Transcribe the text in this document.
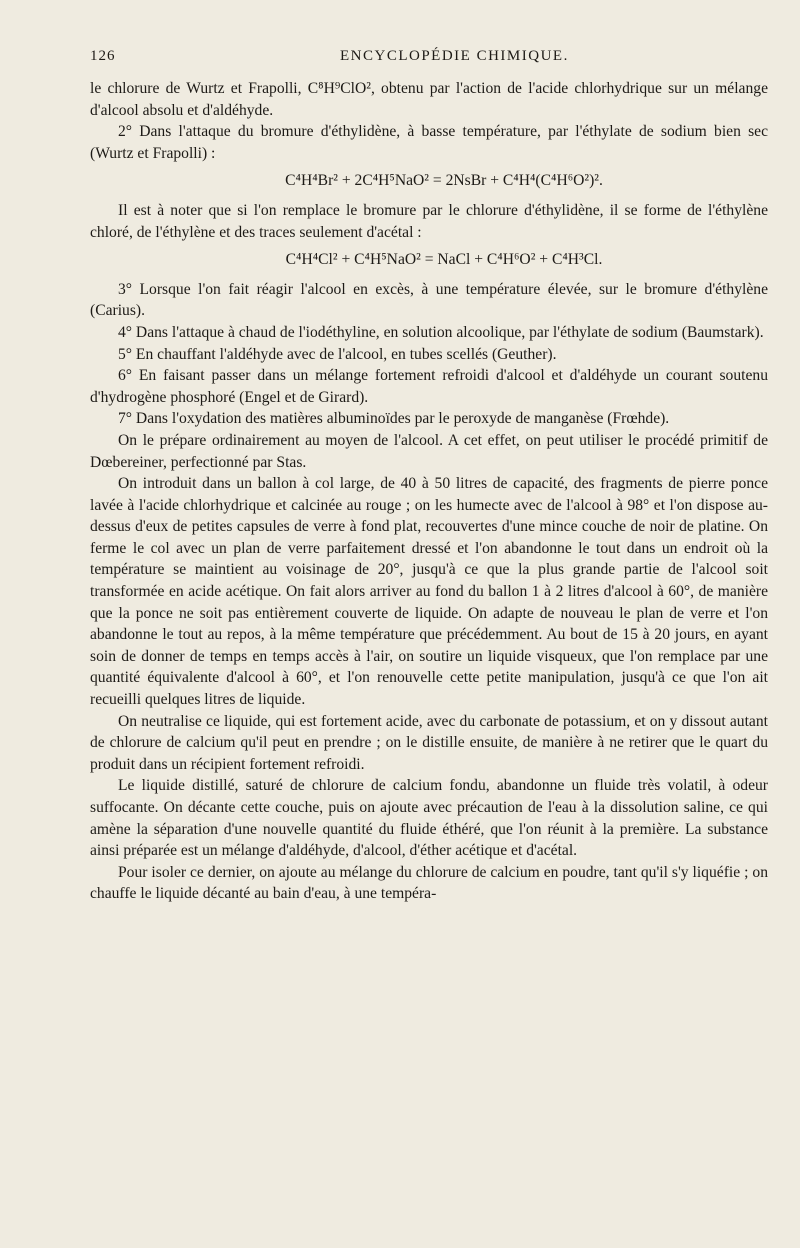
126	ENCYCLOPÉDIE CHIMIQUE.

le chlorure de Wurtz et Frapolli, C⁸H⁹ClO², obtenu par l'action de l'acide chlorhydrique sur un mélange d'alcool absolu et d'aldéhyde.

2° Dans l'attaque du bromure d'éthylidène, à basse température, par l'éthylate de sodium bien sec (Wurtz et Frapolli) :

C⁴H⁴Br² + 2C⁴H⁵NaO² = 2NsBr + C⁴H⁴(C⁴H⁶O²)².

Il est à noter que si l'on remplace le bromure par le chlorure d'éthylidène, il se forme de l'éthylène chloré, de l'éthylène et des traces seulement d'acétal :

C⁴H⁴Cl² + C⁴H⁵NaO² = NaCl + C⁴H⁶O² + C⁴H³Cl.

3° Lorsque l'on fait réagir l'alcool en excès, à une température élevée, sur le bromure d'éthylène (Carius).

4° Dans l'attaque à chaud de l'iodéthyline, en solution alcoolique, par l'éthylate de sodium (Baumstark).

5° En chauffant l'aldéhyde avec de l'alcool, en tubes scellés (Geuther).

6° En faisant passer dans un mélange fortement refroidi d'alcool et d'aldéhyde un courant soutenu d'hydrogène phosphoré (Engel et de Girard).

7° Dans l'oxydation des matières albuminoïdes par le peroxyde de manganèse (Frœhde).

On le prépare ordinairement au moyen de l'alcool. A cet effet, on peut utiliser le procédé primitif de Dœbereiner, perfectionné par Stas.

On introduit dans un ballon à col large, de 40 à 50 litres de capacité, des fragments de pierre ponce lavée à l'acide chlorhydrique et calcinée au rouge ; on les humecte avec de l'alcool à 98° et l'on dispose au-dessus d'eux de petites capsules de verre à fond plat, recouvertes d'une mince couche de noir de platine. On ferme le col avec un plan de verre parfaitement dressé et l'on abandonne le tout dans un endroit où la température se maintient au voisinage de 20°, jusqu'à ce que la plus grande partie de l'alcool soit transformée en acide acétique. On fait alors arriver au fond du ballon 1 à 2 litres d'alcool à 60°, de manière que la ponce ne soit pas entièrement couverte de liquide. On adapte de nouveau le plan de verre et l'on abandonne le tout au repos, à la même température que précédemment. Au bout de 15 à 20 jours, en ayant soin de donner de temps en temps accès à l'air, on soutire un liquide visqueux, que l'on remplace par une quantité équivalente d'alcool à 60°, et l'on renouvelle cette petite manipulation, jusqu'à ce que l'on ait recueilli quelques litres de liquide.

On neutralise ce liquide, qui est fortement acide, avec du carbonate de potassium, et on y dissout autant de chlorure de calcium qu'il peut en prendre ; on le distille ensuite, de manière à ne retirer que le quart du produit dans un récipient fortement refroidi.

Le liquide distillé, saturé de chlorure de calcium fondu, abandonne un fluide très volatil, à odeur suffocante. On décante cette couche, puis on ajoute avec précaution de l'eau à la dissolution saline, ce qui amène la séparation d'une nouvelle quantité du fluide éthéré, que l'on réunit à la première. La substance ainsi préparée est un mélange d'aldéhyde, d'alcool, d'éther acétique et d'acétal.

Pour isoler ce dernier, on ajoute au mélange du chlorure de calcium en poudre, tant qu'il s'y liquéfie ; on chauffe le liquide décanté au bain d'eau, à une tempéra-
